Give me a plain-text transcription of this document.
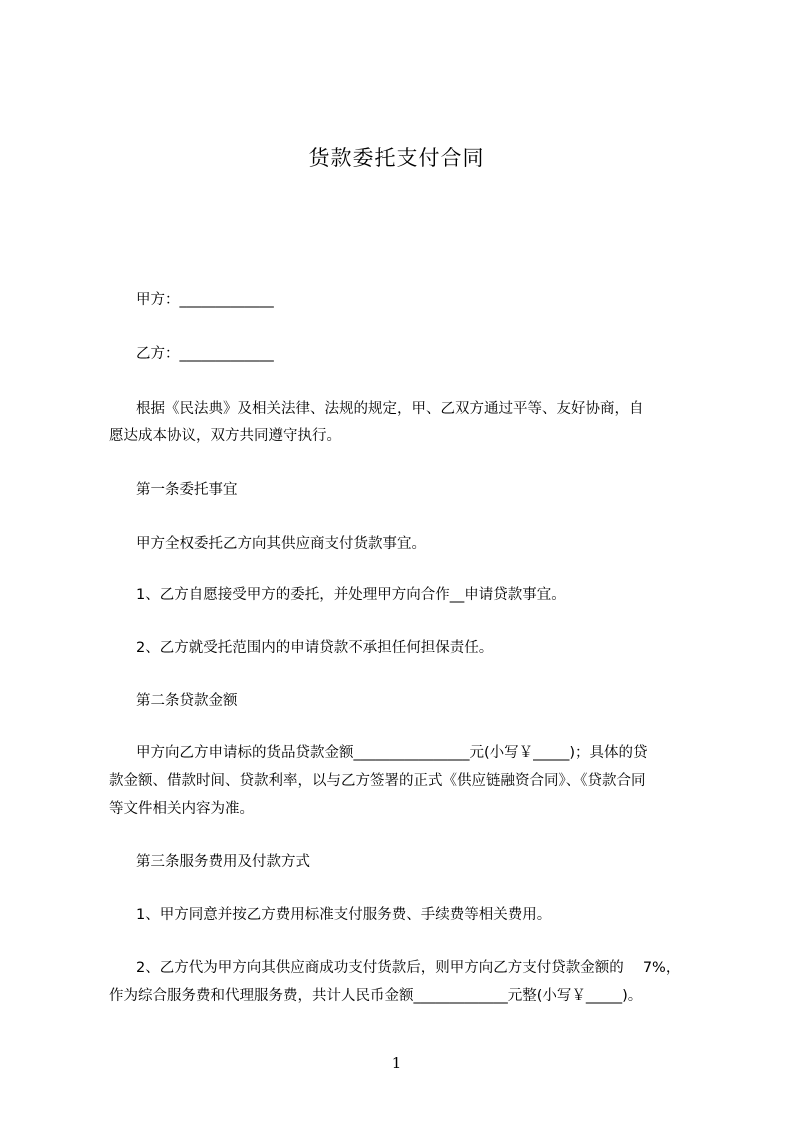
货款委托支付合同
甲方：_____________
乙方：_____________
根据《民法典》及相关法律、法规的规定，甲、乙双方通过平等、友好协商，自
愿达成本协议，双方共同遵守执行。
第一条委托事宜
甲方全权委托乙方向其供应商支付货款事宜。
1、乙方自愿接受甲方的委托，并处理甲方向合作__申请贷款事宜。
2、乙方就受托范围内的申请贷款不承担任何担保责任。
第二条贷款金额
甲方向乙方申请标的货品贷款金额________________元(小写￥_____)；具体的贷
款金额、借款时间、贷款利率，以与乙方签署的正式《供应链融资合同》、《贷款合同
等文件相关内容为准。
第三条服务费用及付款方式
1、甲方同意并按乙方费用标准支付服务费、手续费等相关费用。
2、乙方代为甲方向其供应商成功支付货款后，则甲方向乙方支付贷款金额的　 7%，
作为综合服务费和代理服务费，共计人民币金额_____________元整(小写￥_____)。
1
